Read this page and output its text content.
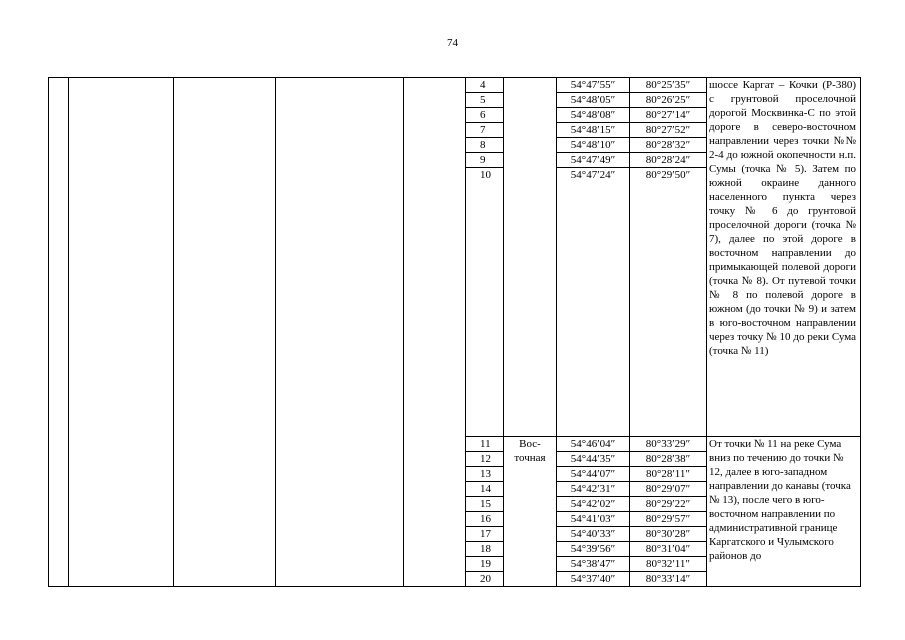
74
					4		54°47′55″	80°25′35″	шоссе Каргат – Кочки (Р-380) с грунтовой проселочной дорогой Москвинка-С по этой дороге в северо-восточном направлении через точки №№ 2-4 до южной окопечности н.п. Сумы (точка № 5). Затем по южной окраине данного населенного пункта через точку № 6 до грунтовой проселочной дороги (точка № 7), далее по этой дороге в восточном направлении до примыкающей полевой дороги (точка № 8). От путевой точки № 8 по полевой дороге в южном (до точки № 9) и затем в юго-восточном направлении через точку № 10 до реки Сума (точка № 11)
					5		54°48′05″	80°26′25″	
					6		54°48′08″	80°27′14″	
					7		54°48′15″	80°27′52″	
					8		54°48′10″	80°28′32″	
					9		54°47′49″	80°28′24″	
					10		54°47′24″	80°29′50″	
					11	Вос-точная	54°46′04″	80°33′29″	От точки № 11 на реке Сума вниз по течению до точки № 12, далее в юго-западном направлении до канавы (точка № 13), после чего в юго-восточном направлении по административной границе Каргатского и Чулымского районов до
					12		54°44′35″	80°28′38″	
					13		54°44′07″	80°28′11″	
					14		54°42′31″	80°29′07″	
					15		54°42′02″	80°29′22″	
					16		54°41′03″	80°29′57″	
					17		54°40′33″	80°30′28″	
					18		54°39′56″	80°31′04″	
					19		54°38′47″	80°32′11″	
					20		54°37′40″	80°33′14″	
